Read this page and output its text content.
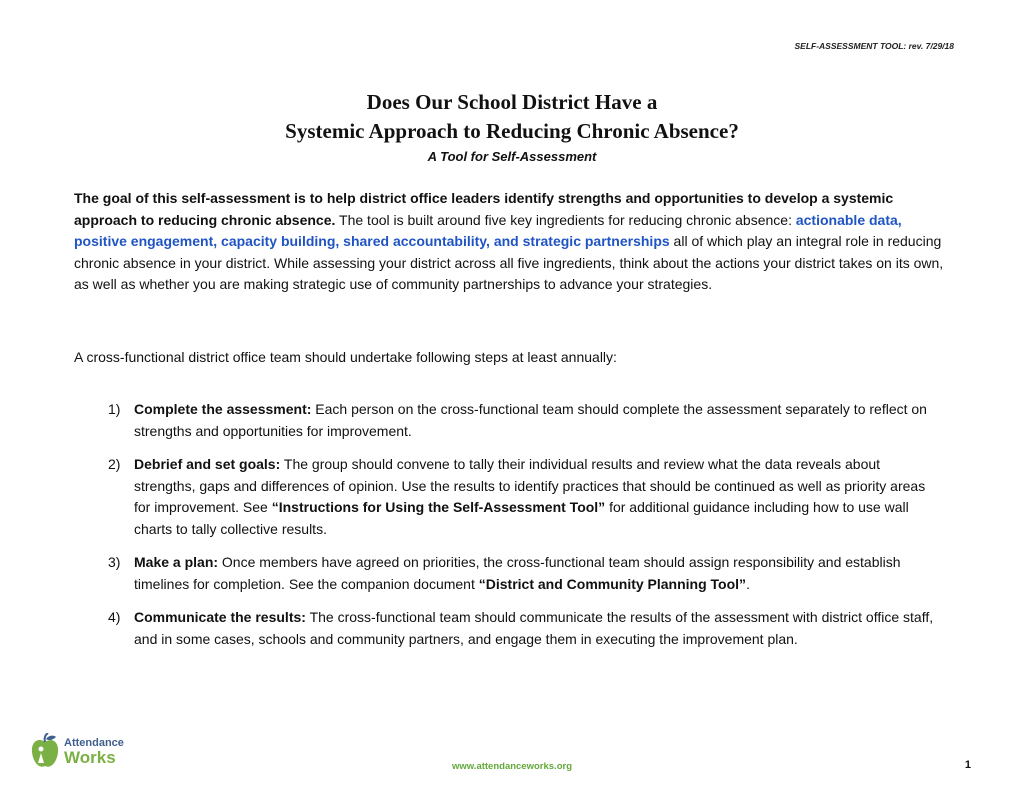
SELF-ASSESSMENT TOOL: rev. 7/29/18
Does Our School District Have a
Systemic Approach to Reducing Chronic Absence?
A Tool for Self-Assessment
The goal of this self-assessment is to help district office leaders identify strengths and opportunities to develop a systemic approach to reducing chronic absence. The tool is built around five key ingredients for reducing chronic absence: actionable data, positive engagement, capacity building, shared accountability, and strategic partnerships all of which play an integral role in reducing chronic absence in your district. While assessing your district across all five ingredients, think about the actions your district takes on its own, as well as whether you are making strategic use of community partnerships to advance your strategies.
A cross-functional district office team should undertake following steps at least annually:
1) Complete the assessment: Each person on the cross-functional team should complete the assessment separately to reflect on strengths and opportunities for improvement.
2) Debrief and set goals: The group should convene to tally their individual results and review what the data reveals about strengths, gaps and differences of opinion. Use the results to identify practices that should be continued as well as priority areas for improvement. See “Instructions for Using the Self-Assessment Tool” for additional guidance including how to use wall charts to tally collective results.
3) Make a plan: Once members have agreed on priorities, the cross-functional team should assign responsibility and establish timelines for completion. See the companion document “District and Community Planning Tool”.
4) Communicate the results: The cross-functional team should communicate the results of the assessment with district office staff, and in some cases, schools and community partners, and engage them in executing the improvement plan.
Attendance
Works	www.attendanceworks.org	1
